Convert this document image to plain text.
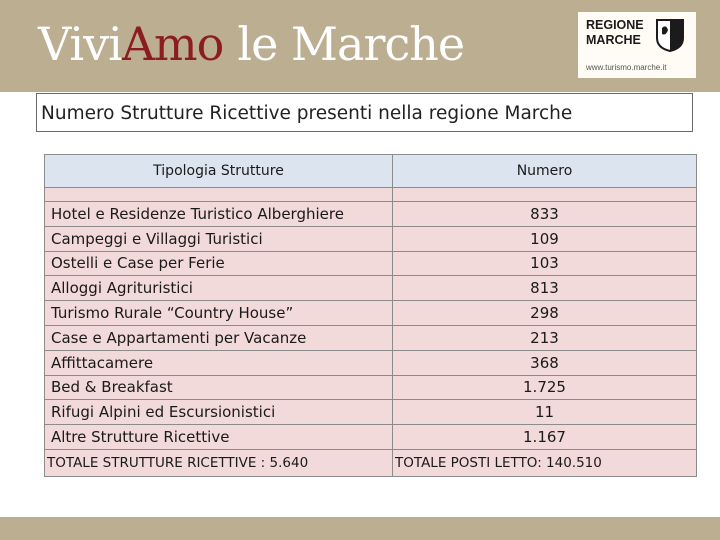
ViviAmo le Marche	REGIONE
MARCHE
www.turismo.marche.it
Numero Strutture Ricettive presenti nella regione Marche
Tipologia Strutture	Numero

Hotel e Residenze Turistico Alberghiere	833
Campeggi e Villaggi Turistici	109
Ostelli e Case per Ferie	103
Alloggi Agrituristici	813
Turismo Rurale “Country House”	298
Case e Appartamenti per Vacanze	213
Affittacamere	368
Bed & Breakfast	1.725
Rifugi Alpini ed Escursionistici	11
Altre Strutture Ricettive	1.167
TOTALE STRUTTURE RICETTIVE : 5.640	TOTALE POSTI LETTO: 140.510
